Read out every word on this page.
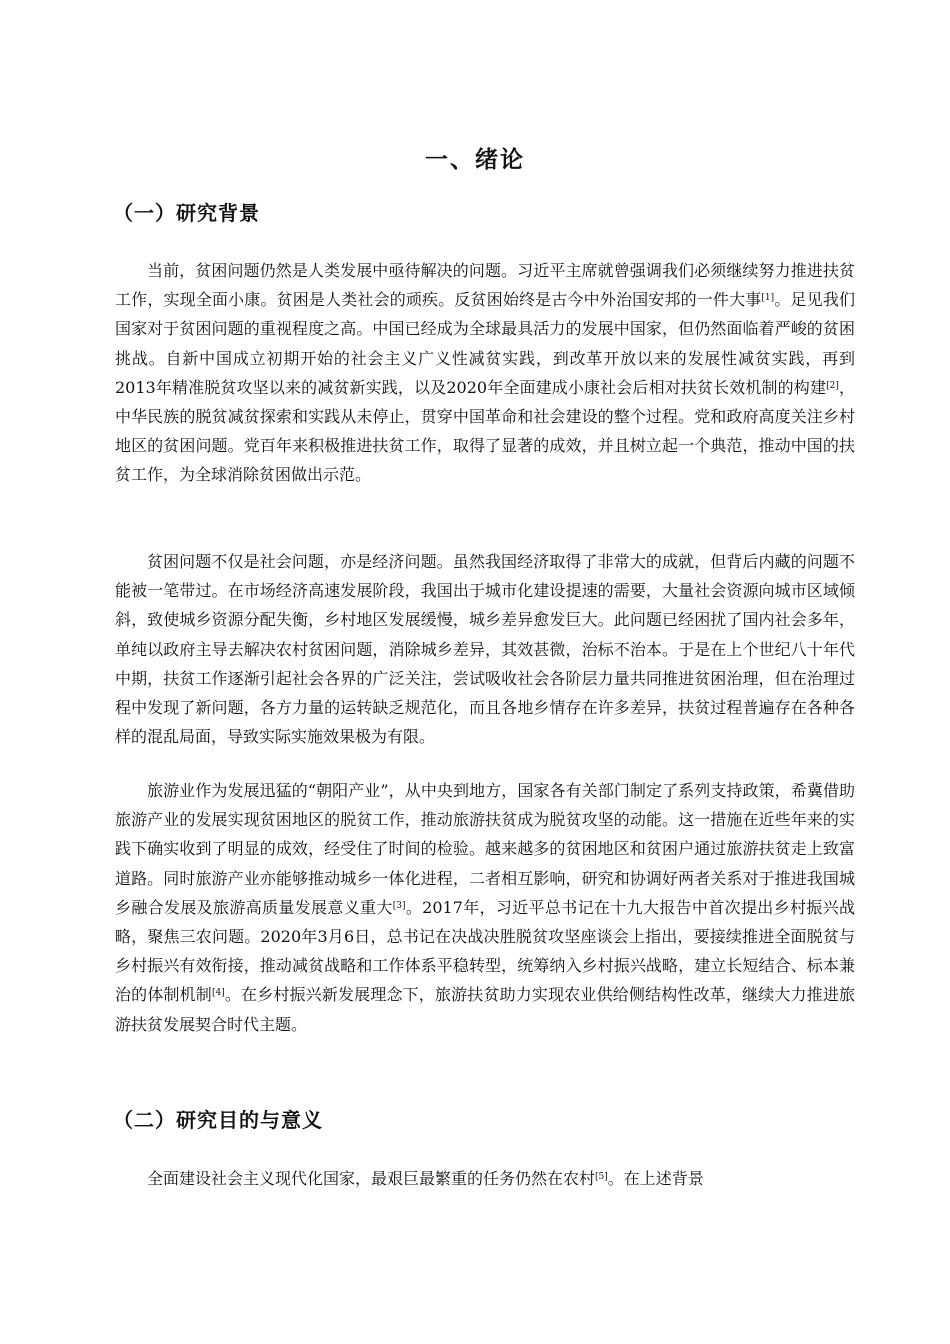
一、绪论
（一）研究背景

当前，贫困问题仍然是人类发展中亟待解决的问题。习近平主席就曾强调我们必须继续努力推进扶贫工作，实现全面小康。贫困是人类社会的顽疾。反贫困始终是古今中外治国安邦的一件大事[1]。足见我们国家对于贫困问题的重视程度之高。中国已经成为全球最具活力的发展中国家，但仍然面临着严峻的贫困挑战。自新中国成立初期开始的社会主义广义性减贫实践，到改革开放以来的发展性减贫实践，再到2013年精准脱贫攻坚以来的减贫新实践，以及2020年全面建成小康社会后相对扶贫长效机制的构建[2]，中华民族的脱贫减贫探索和实践从未停止，贯穿中国革命和社会建设的整个过程。党和政府高度关注乡村地区的贫困问题。党百年来积极推进扶贫工作，取得了显著的成效，并且树立起一个典范，推动中国的扶贫工作，为全球消除贫困做出示范。

贫困问题不仅是社会问题，亦是经济问题。虽然我国经济取得了非常大的成就，但背后内藏的问题不能被一笔带过。在市场经济高速发展阶段，我国出于城市化建设提速的需要，大量社会资源向城市区域倾斜，致使城乡资源分配失衡，乡村地区发展缓慢，城乡差异愈发巨大。此问题已经困扰了国内社会多年，单纯以政府主导去解决农村贫困问题，消除城乡差异，其效甚微，治标不治本。于是在上个世纪八十年代中期，扶贫工作逐渐引起社会各界的广泛关注，尝试吸收社会各阶层力量共同推进贫困治理，但在治理过程中发现了新问题，各方力量的运转缺乏规范化，而且各地乡情存在许多差异，扶贫过程普遍存在各种各样的混乱局面，导致实际实施效果极为有限。

旅游业作为发展迅猛的“朝阳产业”，从中央到地方，国家各有关部门制定了系列支持政策，希冀借助旅游产业的发展实现贫困地区的脱贫工作，推动旅游扶贫成为脱贫攻坚的动能。这一措施在近些年来的实践下确实收到了明显的成效，经受住了时间的检验。越来越多的贫困地区和贫困户通过旅游扶贫走上致富道路。同时旅游产业亦能够推动城乡一体化进程，二者相互影响，研究和协调好两者关系对于推进我国城乡融合发展及旅游高质量发展意义重大[3]。2017年，习近平总书记在十九大报告中首次提出乡村振兴战略，聚焦三农问题。2020年3月6日，总书记在决战决胜脱贫攻坚座谈会上指出，要接续推进全面脱贫与乡村振兴有效衔接，推动减贫战略和工作体系平稳转型，统筹纳入乡村振兴战略，建立长短结合、标本兼治的体制机制[4]。在乡村振兴新发展理念下，旅游扶贫助力实现农业供给侧结构性改革，继续大力推进旅游扶贫发展契合时代主题。

（二）研究目的与意义

全面建设社会主义现代化国家，最艰巨最繁重的任务仍然在农村[5]。在上述背景
